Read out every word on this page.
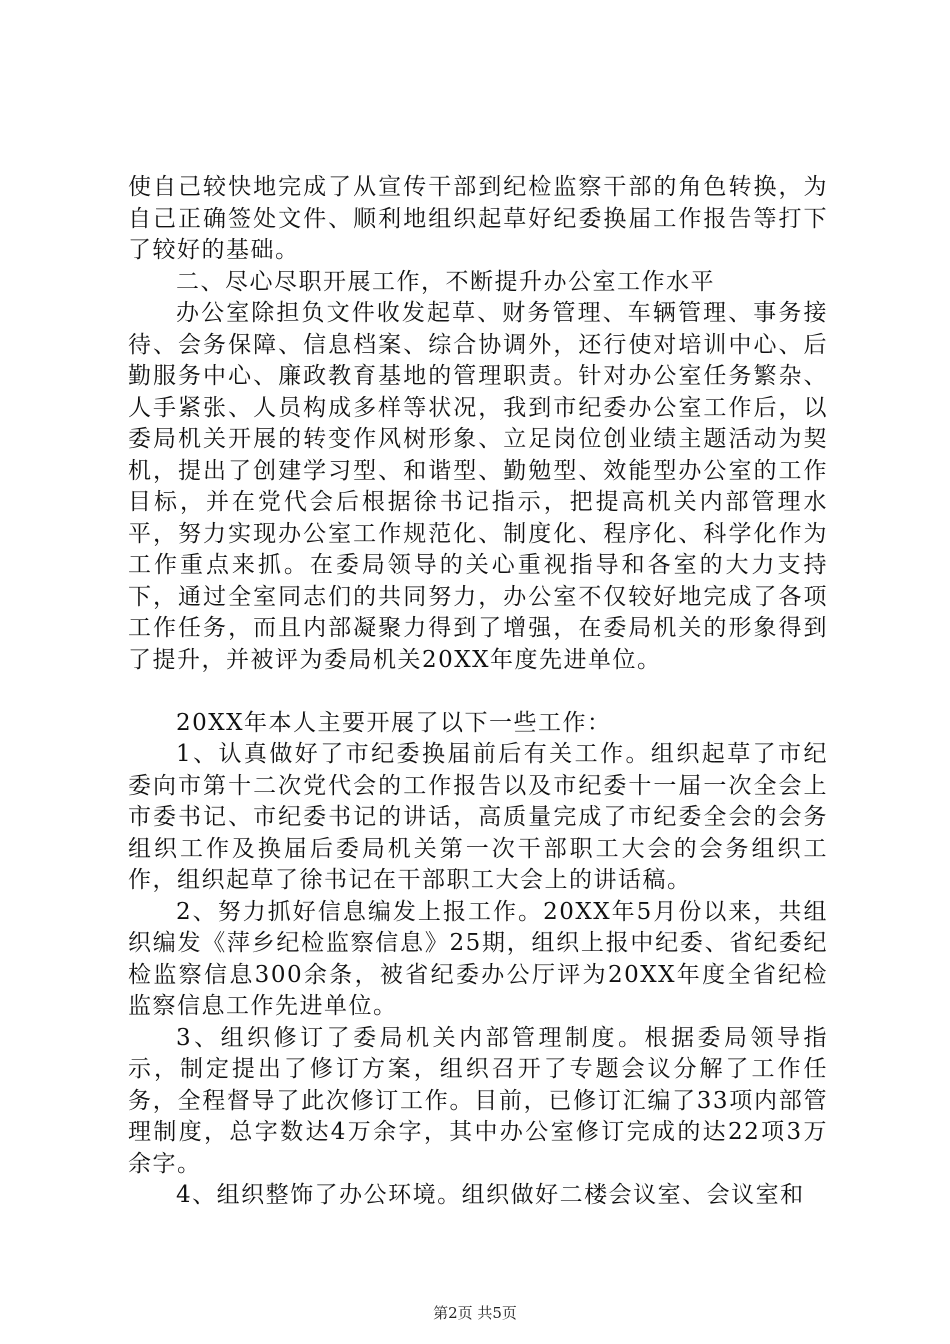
使自己较快地完成了从宣传干部到纪检监察干部的角色转换，为自己正确签处文件、顺利地组织起草好纪委换届工作报告等打下了较好的基础。

二、尽心尽职开展工作，不断提升办公室工作水平

办公室除担负文件收发起草、财务管理、车辆管理、事务接待、会务保障、信息档案、综合协调外，还行使对培训中心、后勤服务中心、廉政教育基地的管理职责。针对办公室任务繁杂、人手紧张、人员构成多样等状况，我到市纪委办公室工作后，以委局机关开展的转变作风树形象、立足岗位创业绩主题活动为契机，提出了创建学习型、和谐型、勤勉型、效能型办公室的工作目标，并在党代会后根据徐书记指示，把提高机关内部管理水平，努力实现办公室工作规范化、制度化、程序化、科学化作为工作重点来抓。在委局领导的关心重视指导和各室的大力支持下，通过全室同志们的共同努力，办公室不仅较好地完成了各项工作任务，而且内部凝聚力得到了增强，在委局机关的形象得到了提升，并被评为委局机关20XX年度先进单位。

20XX年本人主要开展了以下一些工作：

1、认真做好了市纪委换届前后有关工作。组织起草了市纪委向市第十二次党代会的工作报告以及市纪委十一届一次全会上市委书记、市纪委书记的讲话，高质量完成了市纪委全会的会务组织工作及换届后委局机关第一次干部职工大会的会务组织工作，组织起草了徐书记在干部职工大会上的讲话稿。

2、努力抓好信息编发上报工作。20XX年5月份以来，共组织编发《萍乡纪检监察信息》25期，组织上报中纪委、省纪委纪检监察信息300余条，被省纪委办公厅评为20XX年度全省纪检监察信息工作先进单位。

3、组织修订了委局机关内部管理制度。根据委局领导指示，制定提出了修订方案，组织召开了专题会议分解了工作任务，全程督导了此次修订工作。目前，已修订汇编了33项内部管理制度，总字数达4万余字，其中办公室修订完成的达22项3万余字。

4、组织整饰了办公环境。组织做好二楼会议室、会议室和

第2页 共5页
